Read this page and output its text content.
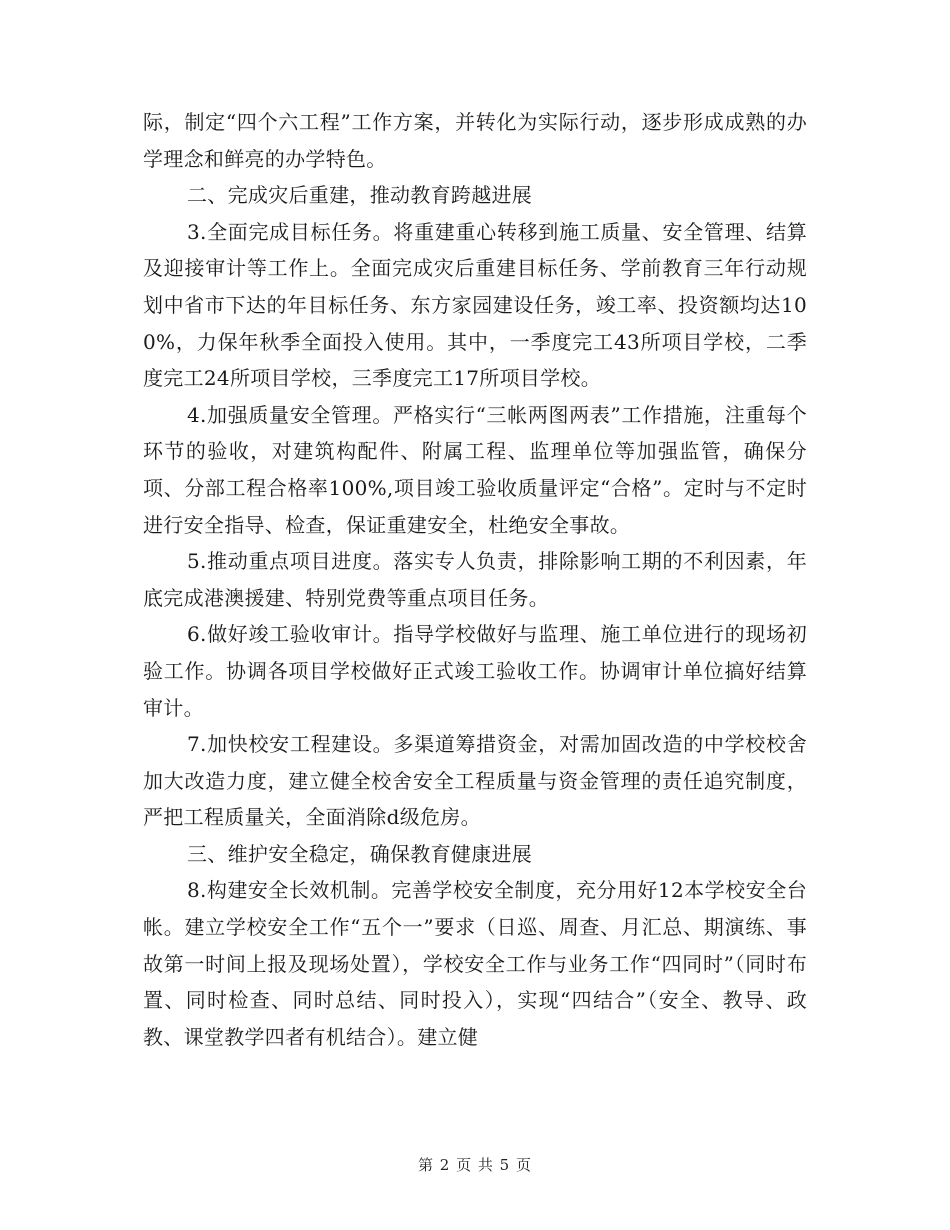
际，制定“四个六工程”工作方案，并转化为实际行动，逐步形成成熟的办学理念和鲜亮的办学特色。

二、完成灾后重建，推动教育跨越进展

3.全面完成目标任务。将重建重心转移到施工质量、安全管理、结算及迎接审计等工作上。全面完成灾后重建目标任务、学前教育三年行动规划中省市下达的年目标任务、东方家园建设任务，竣工率、投资额均达100%，力保年秋季全面投入使用。其中，一季度完工43所项目学校，二季度完工24所项目学校，三季度完工17所项目学校。

4.加强质量安全管理。严格实行“三帐两图两表”工作措施，注重每个环节的验收，对建筑构配件、附属工程、监理单位等加强监管，确保分项、分部工程合格率100%,项目竣工验收质量评定“合格”。定时与不定时进行安全指导、检查，保证重建安全，杜绝安全事故。

5.推动重点项目进度。落实专人负责，排除影响工期的不利因素，年底完成港澳援建、特别党费等重点项目任务。

6.做好竣工验收审计。指导学校做好与监理、施工单位进行的现场初验工作。协调各项目学校做好正式竣工验收工作。协调审计单位搞好结算审计。

7.加快校安工程建设。多渠道筹措资金，对需加固改造的中学校校舍加大改造力度，建立健全校舍安全工程质量与资金管理的责任追究制度，严把工程质量关，全面消除d级危房。

三、维护安全稳定，确保教育健康进展

8.构建安全长效机制。完善学校安全制度，充分用好12本学校安全台帐。建立学校安全工作“五个一”要求（日巡、周查、月汇总、期演练、事故第一时间上报及现场处置），学校安全工作与业务工作“四同时”（同时布置、同时检查、同时总结、同时投入），实现“四结合”（安全、教导、政教、课堂教学四者有机结合）。建立健

第 2 页 共 5 页
